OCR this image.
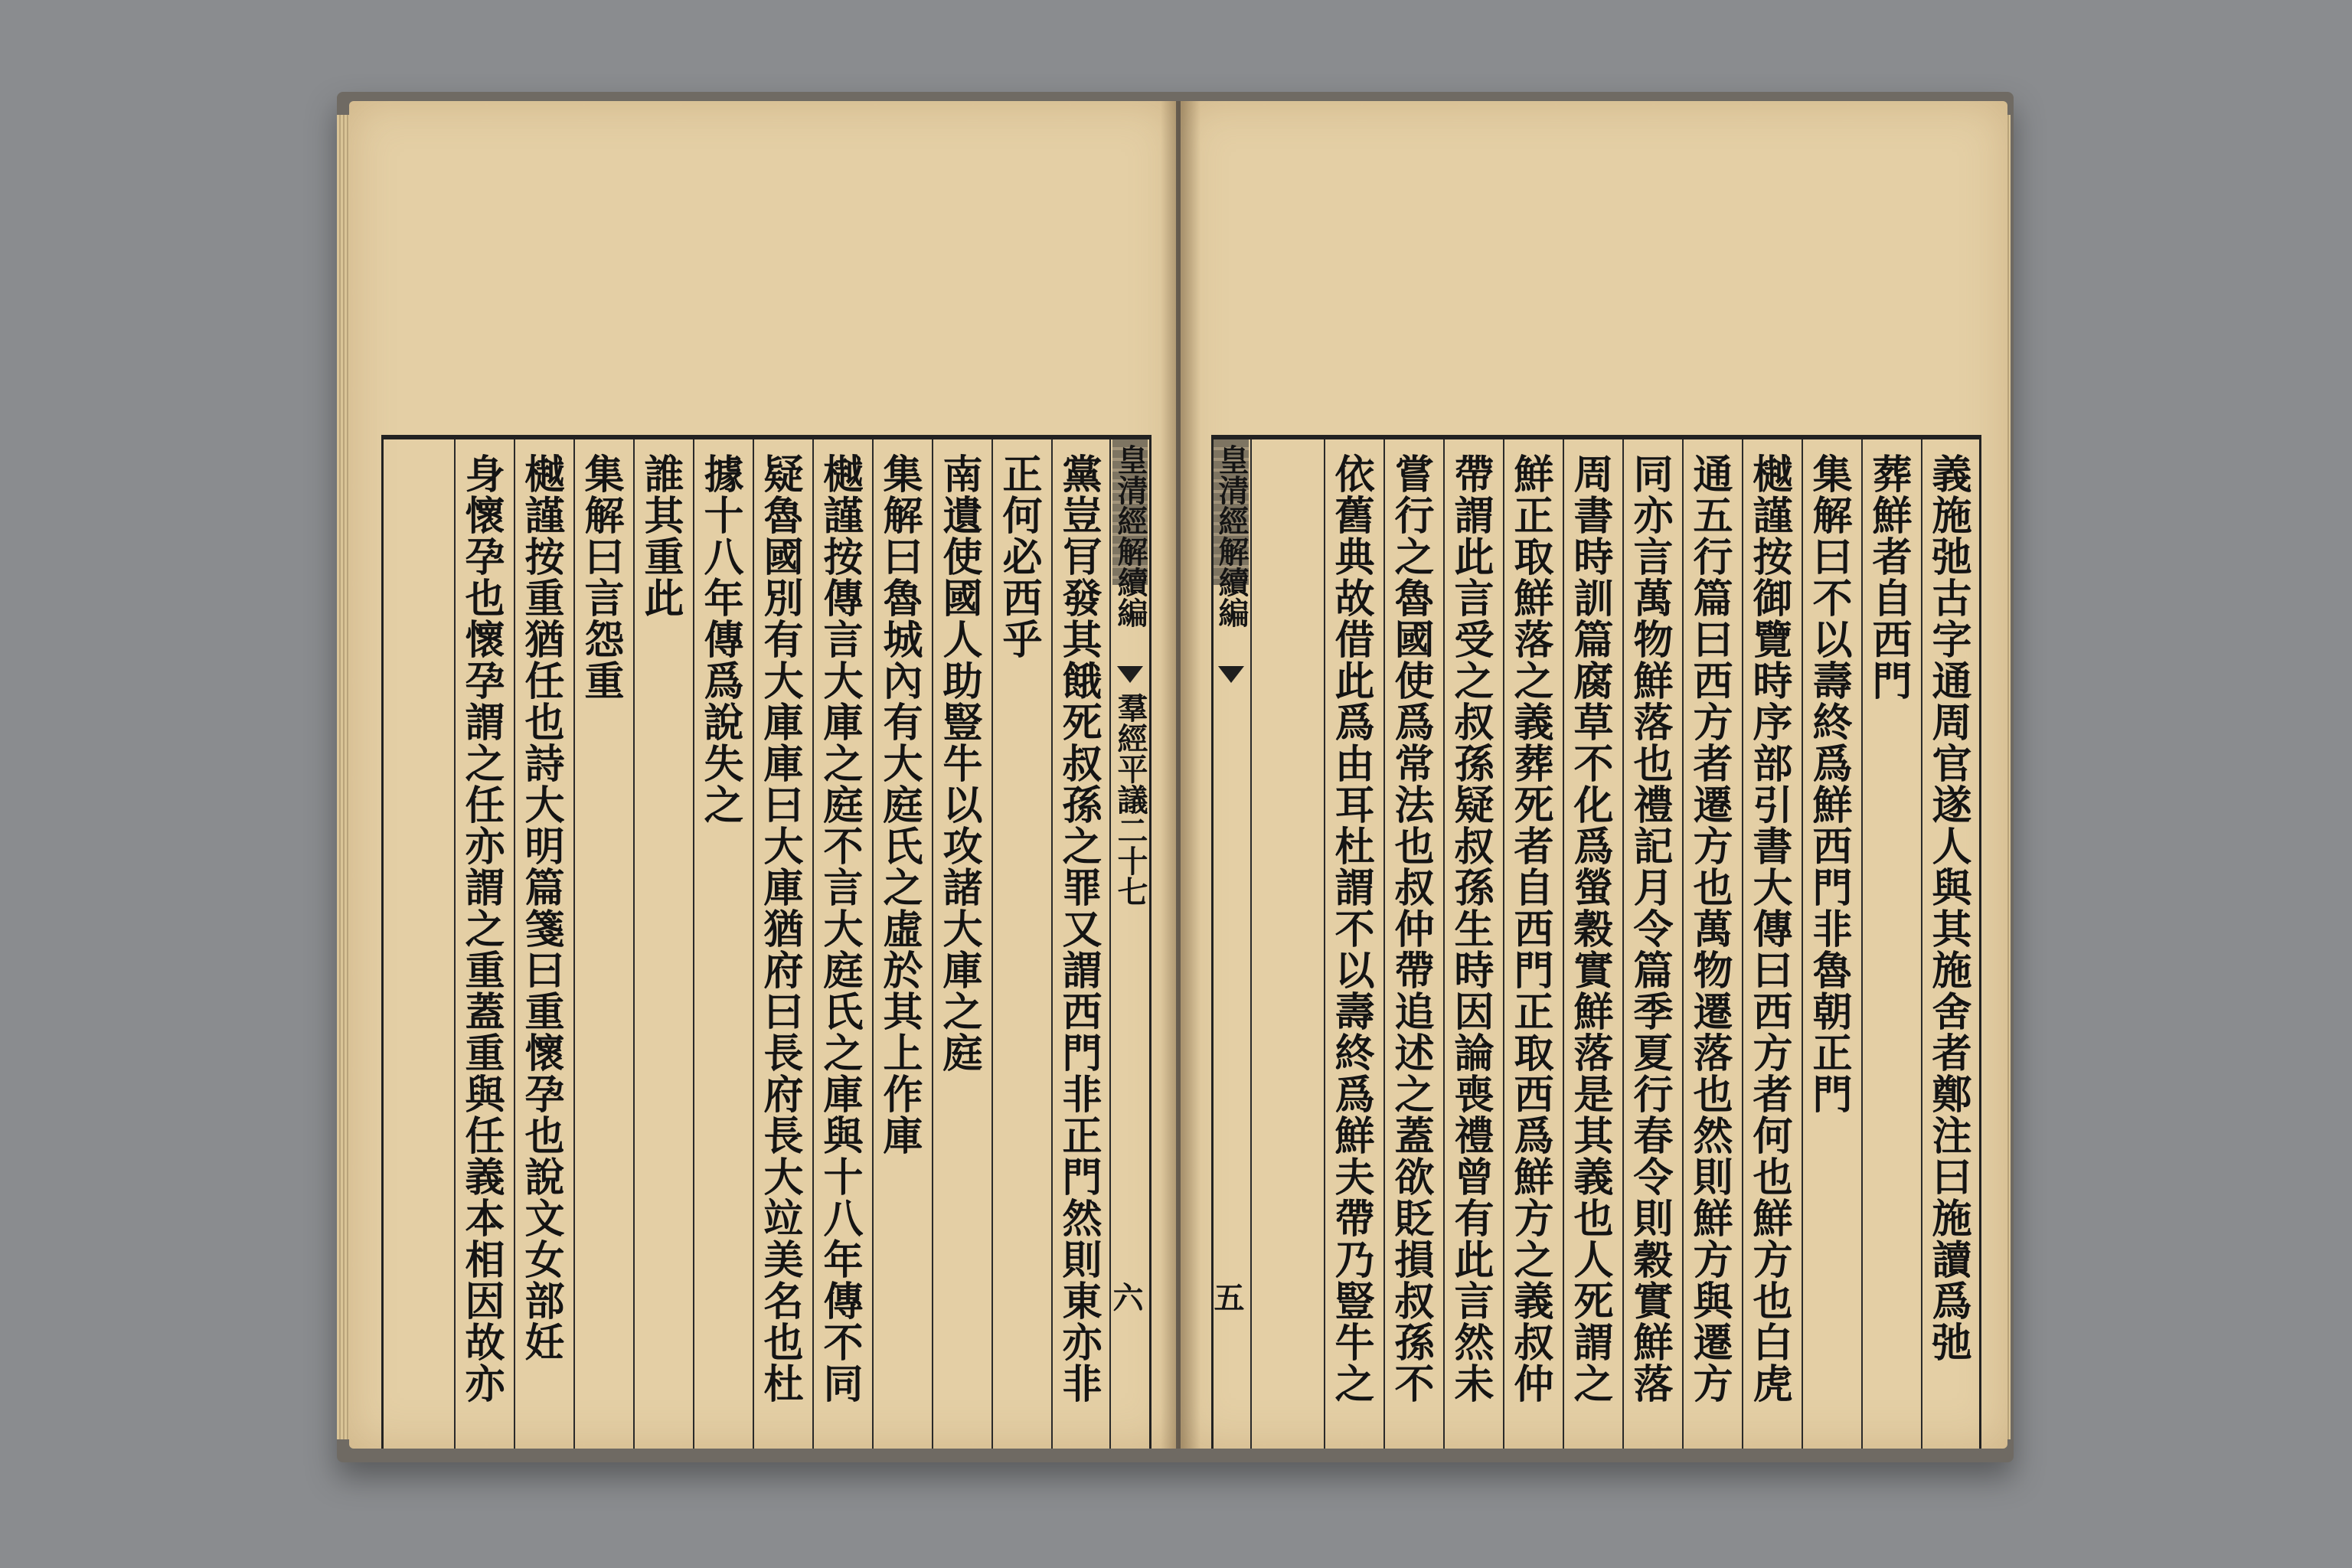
皇清經解續編
羣經平議二十七
六
黨豈肎發其餓死叔孫之罪又謂西門非正門然則東亦非
正何必西乎
南遺使國人助豎牛以攻諸大庫之庭
集解曰魯城內有大庭氏之虛於其上作庫
樾謹按傳言大庫之庭不言大庭氏之庫與十八年傳不同
疑魯國別有大庫庫曰大庫猶府曰長府長大竝美名也杜
據十八年傳爲說失之
誰其重此
集解曰言怨重
樾謹按重猶任也詩大明篇箋曰重懷孕也說文女部妊
身懷孕也懷孕謂之任亦謂之重蓋重與任義本相因故亦	皇清經解續編
五	義施弛古字通周官遂人與其施舍者鄭注曰施讀爲弛
葬鮮者自西門
集解曰不以壽終爲鮮西門非魯朝正門
樾謹按御覽時序部引書大傳曰西方者何也鮮方也白虎
通五行篇曰西方者遷方也萬物遷落也然則鮮方與遷方
同亦言萬物鮮落也禮記月令篇季夏行春令則穀實鮮落
周書時訓篇腐草不化爲螢穀實鮮落是其義也人死謂之
鮮正取鮮落之義葬死者自西門正取西爲鮮方之義叔仲
帶謂此言受之叔孫疑叔孫生時因論喪禮曾有此言然未
嘗行之魯國使爲常法也叔仲帶追述之蓋欲貶損叔孫不
依舊典故借此爲由耳杜謂不以壽終爲鮮夫帶乃豎牛之
